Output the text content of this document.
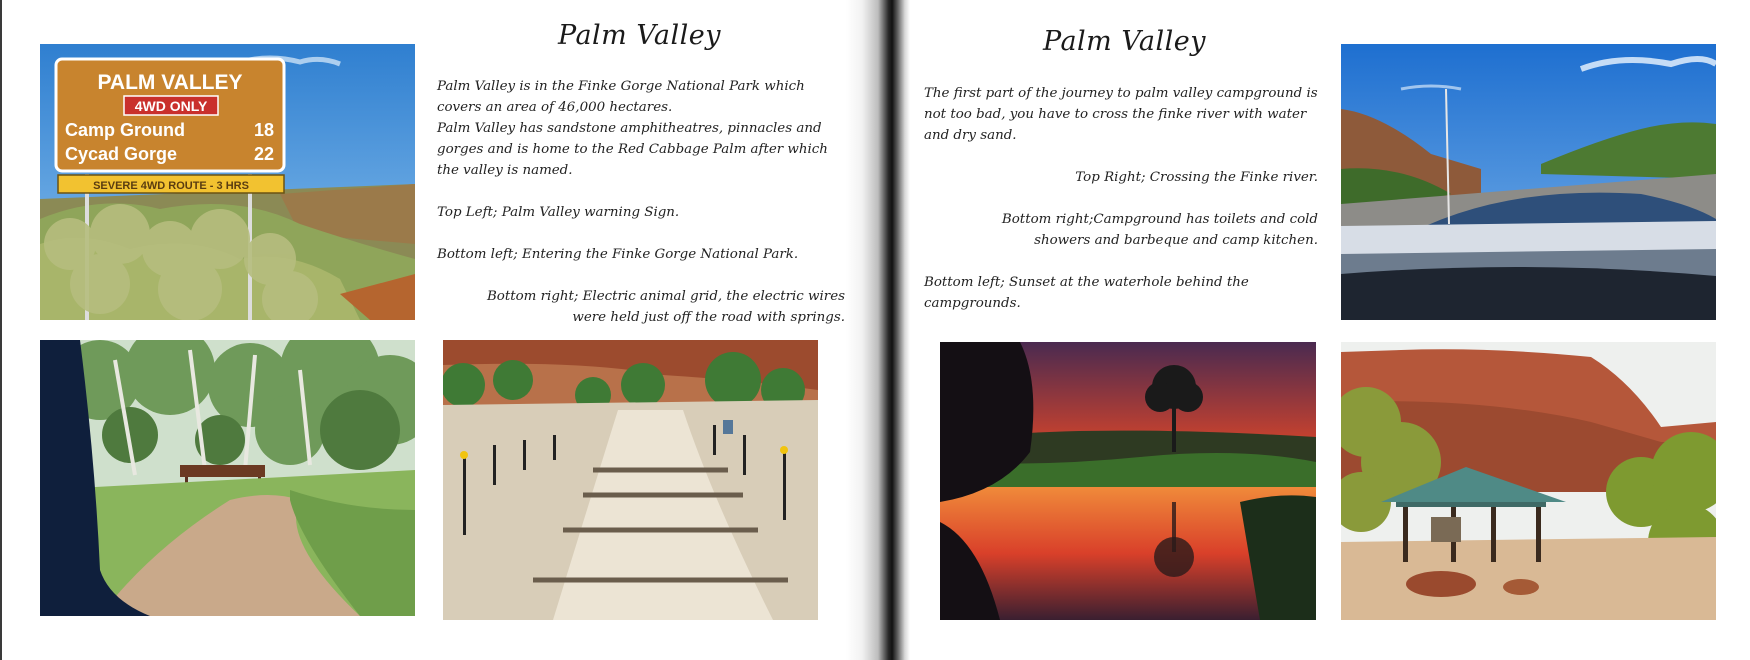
PALM VALLEY
4WD ONLY
Camp Ground	18
Cycad Gorge	22
SEVERE 4WD ROUTE - 3 HRS
Palm Valley

Palm Valley is in the Finke Gorge National Park which covers an area of 46,000 hectares.

Palm Valley has sandstone amphitheatres, pinnacles and gorges and is home to the Red Cabbage Palm after which the valley is named.

Top Left; Palm Valley warning Sign.

Bottom left; Entering the Finke Gorge National Park.

Bottom right; Electric animal grid, the electric wires were held just off the road with springs.

Palm Valley

The first part of the journey to palm valley campground is not too bad, you have to cross the finke river with water and dry sand.

Top Right; Crossing the Finke river.

Bottom right;Campground has toilets and cold showers and barbeque and camp kitchen.

Bottom left; Sunset at the waterhole behind the campgrounds.
